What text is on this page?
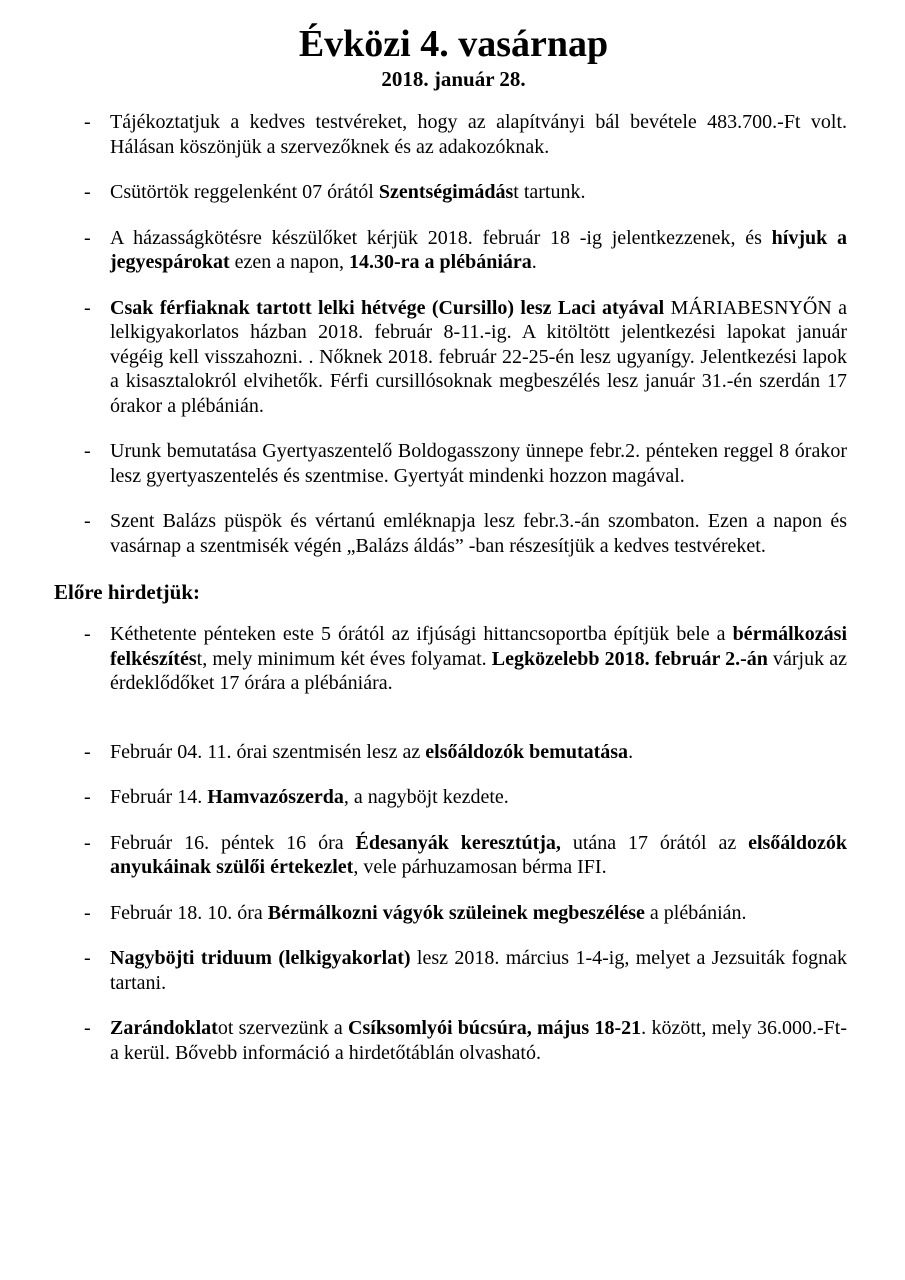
Évközi 4. vasárnap
2018. január 28.
- Tájékoztatjuk a kedves testvéreket, hogy az alapítványi bál bevétele 483.700.-Ft volt. Hálásan köszönjük a szervezőknek és az adakozóknak.
- Csütörtök reggelenként 07 órától Szentségimádást tartunk.
- A házasságkötésre készülőket kérjük 2018. február 18 -ig jelentkezzenek, és hívjuk a jegyespárokat ezen a napon, 14.30-ra a plébániára.
- Csak férfiaknak tartott lelki hétvége (Cursillo) lesz Laci atyával MÁRIABESNYŐN a lelkigyakorlatos házban 2018. február 8-11.-ig. A kitöltött jelentkezési lapokat január végéig kell visszahozni. . Nőknek 2018. február 22-25-én lesz ugyanígy. Jelentkezési lapok a kisasztalokról elvihetők. Férfi cursillósoknak megbeszélés lesz január 31.-én szerdán 17 órakor a plébánián.
- Urunk bemutatása Gyertyaszentelő Boldogasszony ünnepe febr.2. pénteken reggel 8 órakor lesz gyertyaszentelés és szentmise. Gyertyát mindenki hozzon magával.
- Szent Balázs püspök és vértanú emléknapja lesz febr.3.-án szombaton. Ezen a napon és vasárnap a szentmisék végén „Balázs áldás” -ban részesítjük a kedves testvéreket.
Előre hirdetjük:
- Kéthetente pénteken este 5 órától az ifjúsági hittancsoportba építjük bele a bérmálkozási felkészítést, mely minimum két éves folyamat. Legközelebb 2018. február 2.-án várjuk az érdeklődőket 17 órára a plébániára.
- Február 04. 11. órai szentmisén lesz az elsőáldozók bemutatása.
- Február 14. Hamvazószerda, a nagyböjt kezdete.
- Február 16. péntek 16 óra Édesanyák keresztútja, utána 17 órától az elsőáldozók anyukáinak szülői értekezlet, vele párhuzamosan bérma IFI.
- Február 18. 10. óra Bérmálkozni vágyók szüleinek megbeszélése a plébánián.
- Nagyböjti triduum (lelkigyakorlat) lesz 2018. március 1-4-ig, melyet a Jezsuiták fognak tartani.
- Zarándoklatot szervezünk a Csíksomlyói búcsúra, május 18-21. között, mely 36.000.-Ft-a kerül. Bővebb információ a hirdetőtáblán olvasható.
